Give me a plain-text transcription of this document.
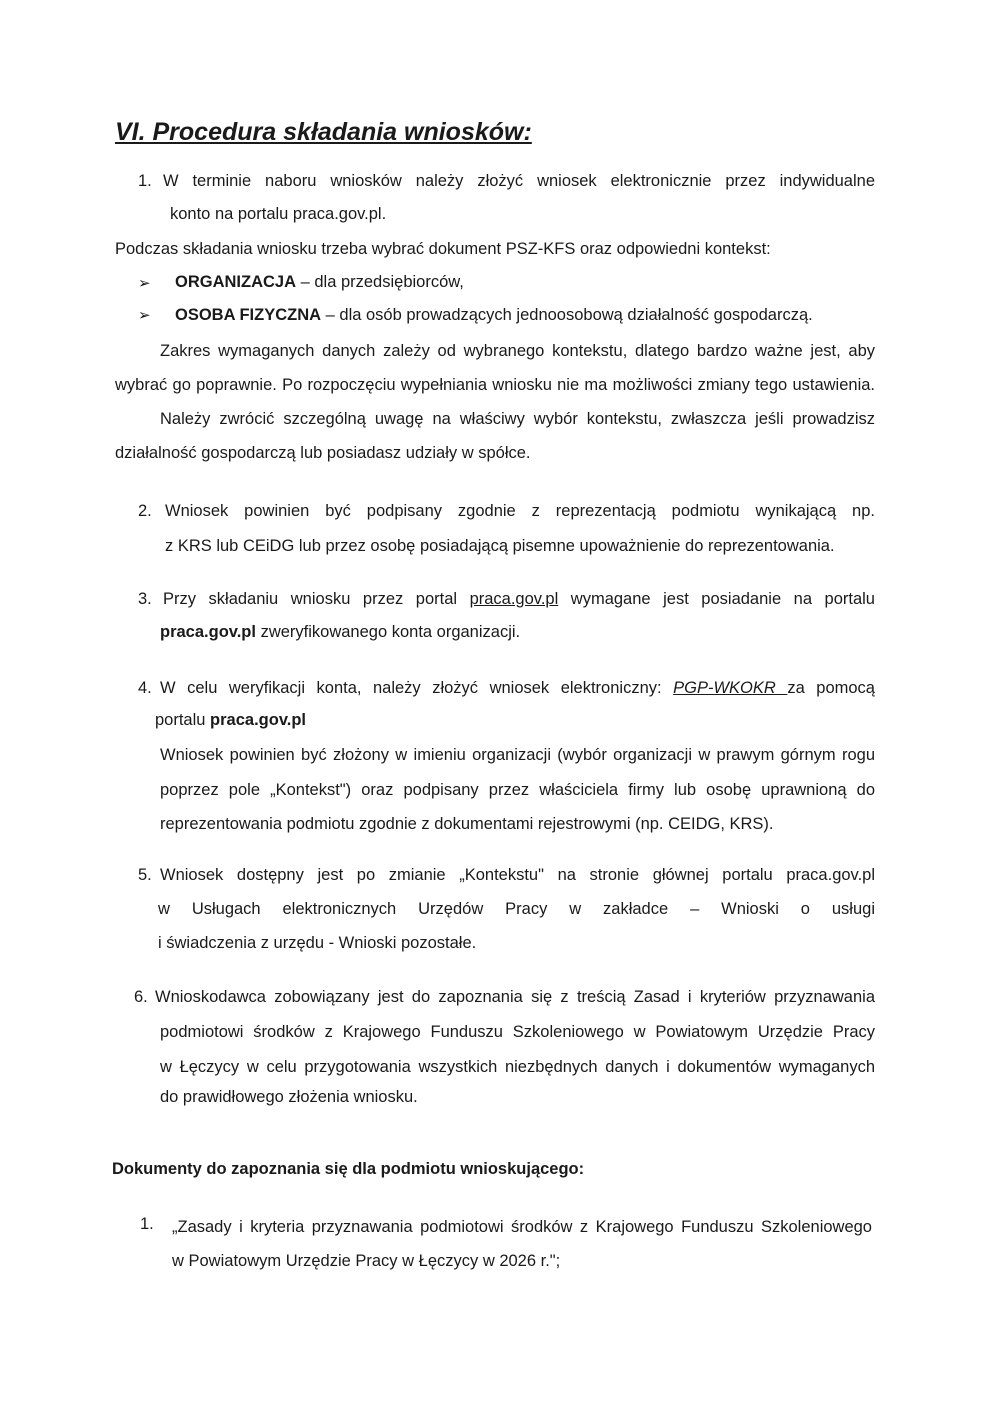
VI. Procedura składania wniosków:
1. W terminie naboru wniosków należy złożyć wniosek elektronicznie przez indywidualne
konto na portalu praca.gov.pl.
Podczas składania wniosku trzeba wybrać dokument PSZ-KFS oraz odpowiedni kontekst:
➢ ORGANIZACJA – dla przedsiębiorców,
➢ OSOBA FIZYCZNA – dla osób prowadzących jednoosobową działalność gospodarczą.
Zakres wymaganych danych zależy od wybranego kontekstu, dlatego bardzo ważne jest, aby
wybrać go poprawnie. Po rozpoczęciu wypełniania wniosku nie ma możliwości zmiany tego ustawienia.
Należy zwrócić szczególną uwagę na właściwy wybór kontekstu, zwłaszcza jeśli prowadzisz
działalność gospodarczą lub posiadasz udziały w spółce.
2. Wniosek powinien być podpisany zgodnie z reprezentacją podmiotu wynikającą np.
z KRS lub CEiDG lub przez osobę posiadającą pisemne upoważnienie do reprezentowania.
3. Przy składaniu wniosku przez portal praca.gov.pl wymagane jest posiadanie na portalu
praca.gov.pl zweryfikowanego konta organizacji.
4. W celu weryfikacji konta, należy złożyć wniosek elektroniczny: PGP-WKOKR za pomocą
portalu praca.gov.pl
Wniosek powinien być złożony w imieniu organizacji (wybór organizacji w prawym górnym rogu
poprzez pole „Kontekst") oraz podpisany przez właściciela firmy lub osobę uprawnioną do
reprezentowania podmiotu zgodnie z dokumentami rejestrowymi (np. CEIDG, KRS).
5. Wniosek dostępny jest po zmianie „Kontekstu" na stronie głównej portalu praca.gov.pl
w Usługach elektronicznych Urzędów Pracy w zakładce – Wnioski o usługi
i świadczenia z urzędu - Wnioski pozostałe.
6. Wnioskodawca zobowiązany jest do zapoznania się z treścią Zasad i kryteriów przyznawania
podmiotowi środków z Krajowego Funduszu Szkoleniowego w Powiatowym Urzędzie Pracy
w Łęczycy w celu przygotowania wszystkich niezbędnych danych i dokumentów wymaganych
do prawidłowego złożenia wniosku.
Dokumenty do zapoznania się dla podmiotu wnioskującego:
1. „Zasady i kryteria przyznawania podmiotowi środków z Krajowego Funduszu Szkoleniowego
w Powiatowym Urzędzie Pracy w Łęczycy w 2026 r.";
